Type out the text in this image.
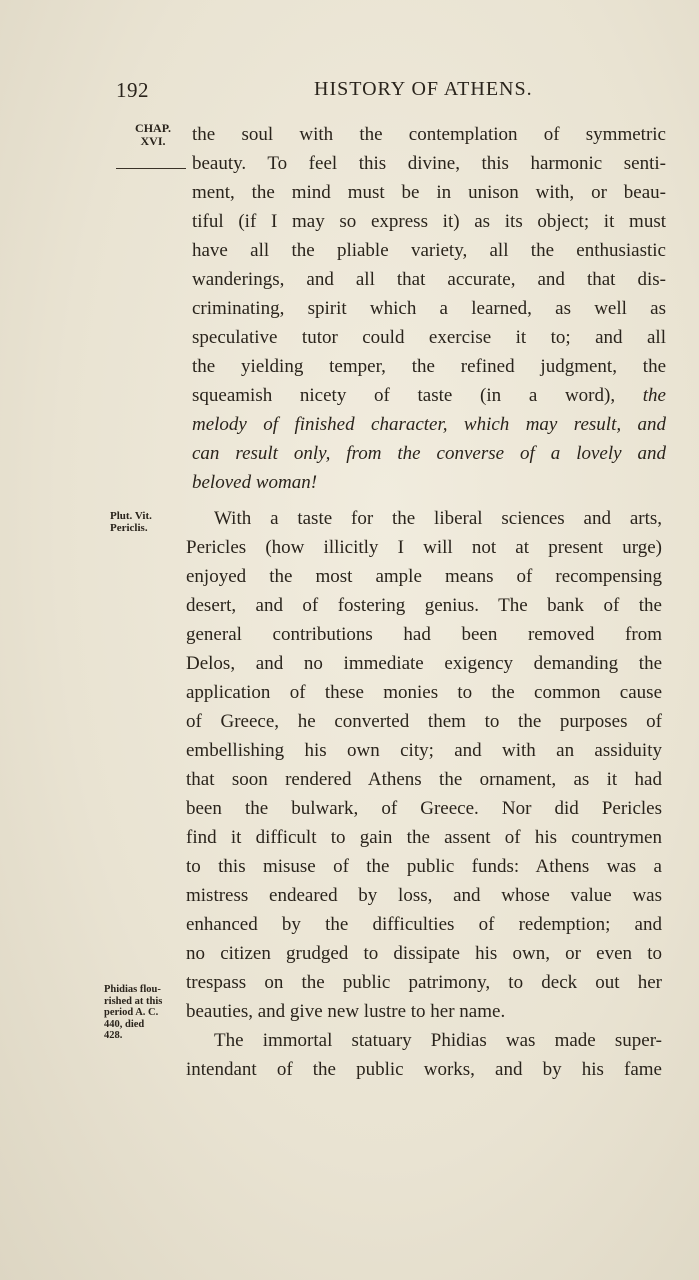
192	HISTORY OF ATHENS.
CHAP.
XVI.	the soul with the contemplation of symmetric
beauty. To feel this divine, this harmonic senti-
ment, the mind must be in unison with, or beau-
tiful (if I may so express it) as its object; it must
have all the pliable variety, all the enthusiastic
wanderings, and all that accurate, and that dis-
criminating, spirit which a learned, as well as
speculative tutor could exercise it to; and all
the yielding temper, the refined judgment, the
squeamish nicety of taste (in a word), the
melody of finished character, which may result, and
can result only, from the converse of a lovely and
beloved woman!
Plut. Vit.
Periclis.	With a taste for the liberal sciences and arts,
Pericles (how illicitly I will not at present urge)
enjoyed the most ample means of recompensing
desert, and of fostering genius. The bank of the
general contributions had been removed from
Delos, and no immediate exigency demanding the
application of these monies to the common cause
of Greece, he converted them to the purposes of
embellishing his own city; and with an assiduity
that soon rendered Athens the ornament, as it had
been the bulwark, of Greece. Nor did Pericles
find it difficult to gain the assent of his countrymen
to this misuse of the public funds: Athens was a
mistress endeared by loss, and whose value was
enhanced by the difficulties of redemption; and
no citizen grudged to dissipate his own, or even to
trespass on the public patrimony, to deck out her
beauties, and give new lustre to her name.
The immortal statuary Phidias was made super-
intendant of the public works, and by his fame
Phidias flou-
rished at this
period A. C.
440, died
428.
